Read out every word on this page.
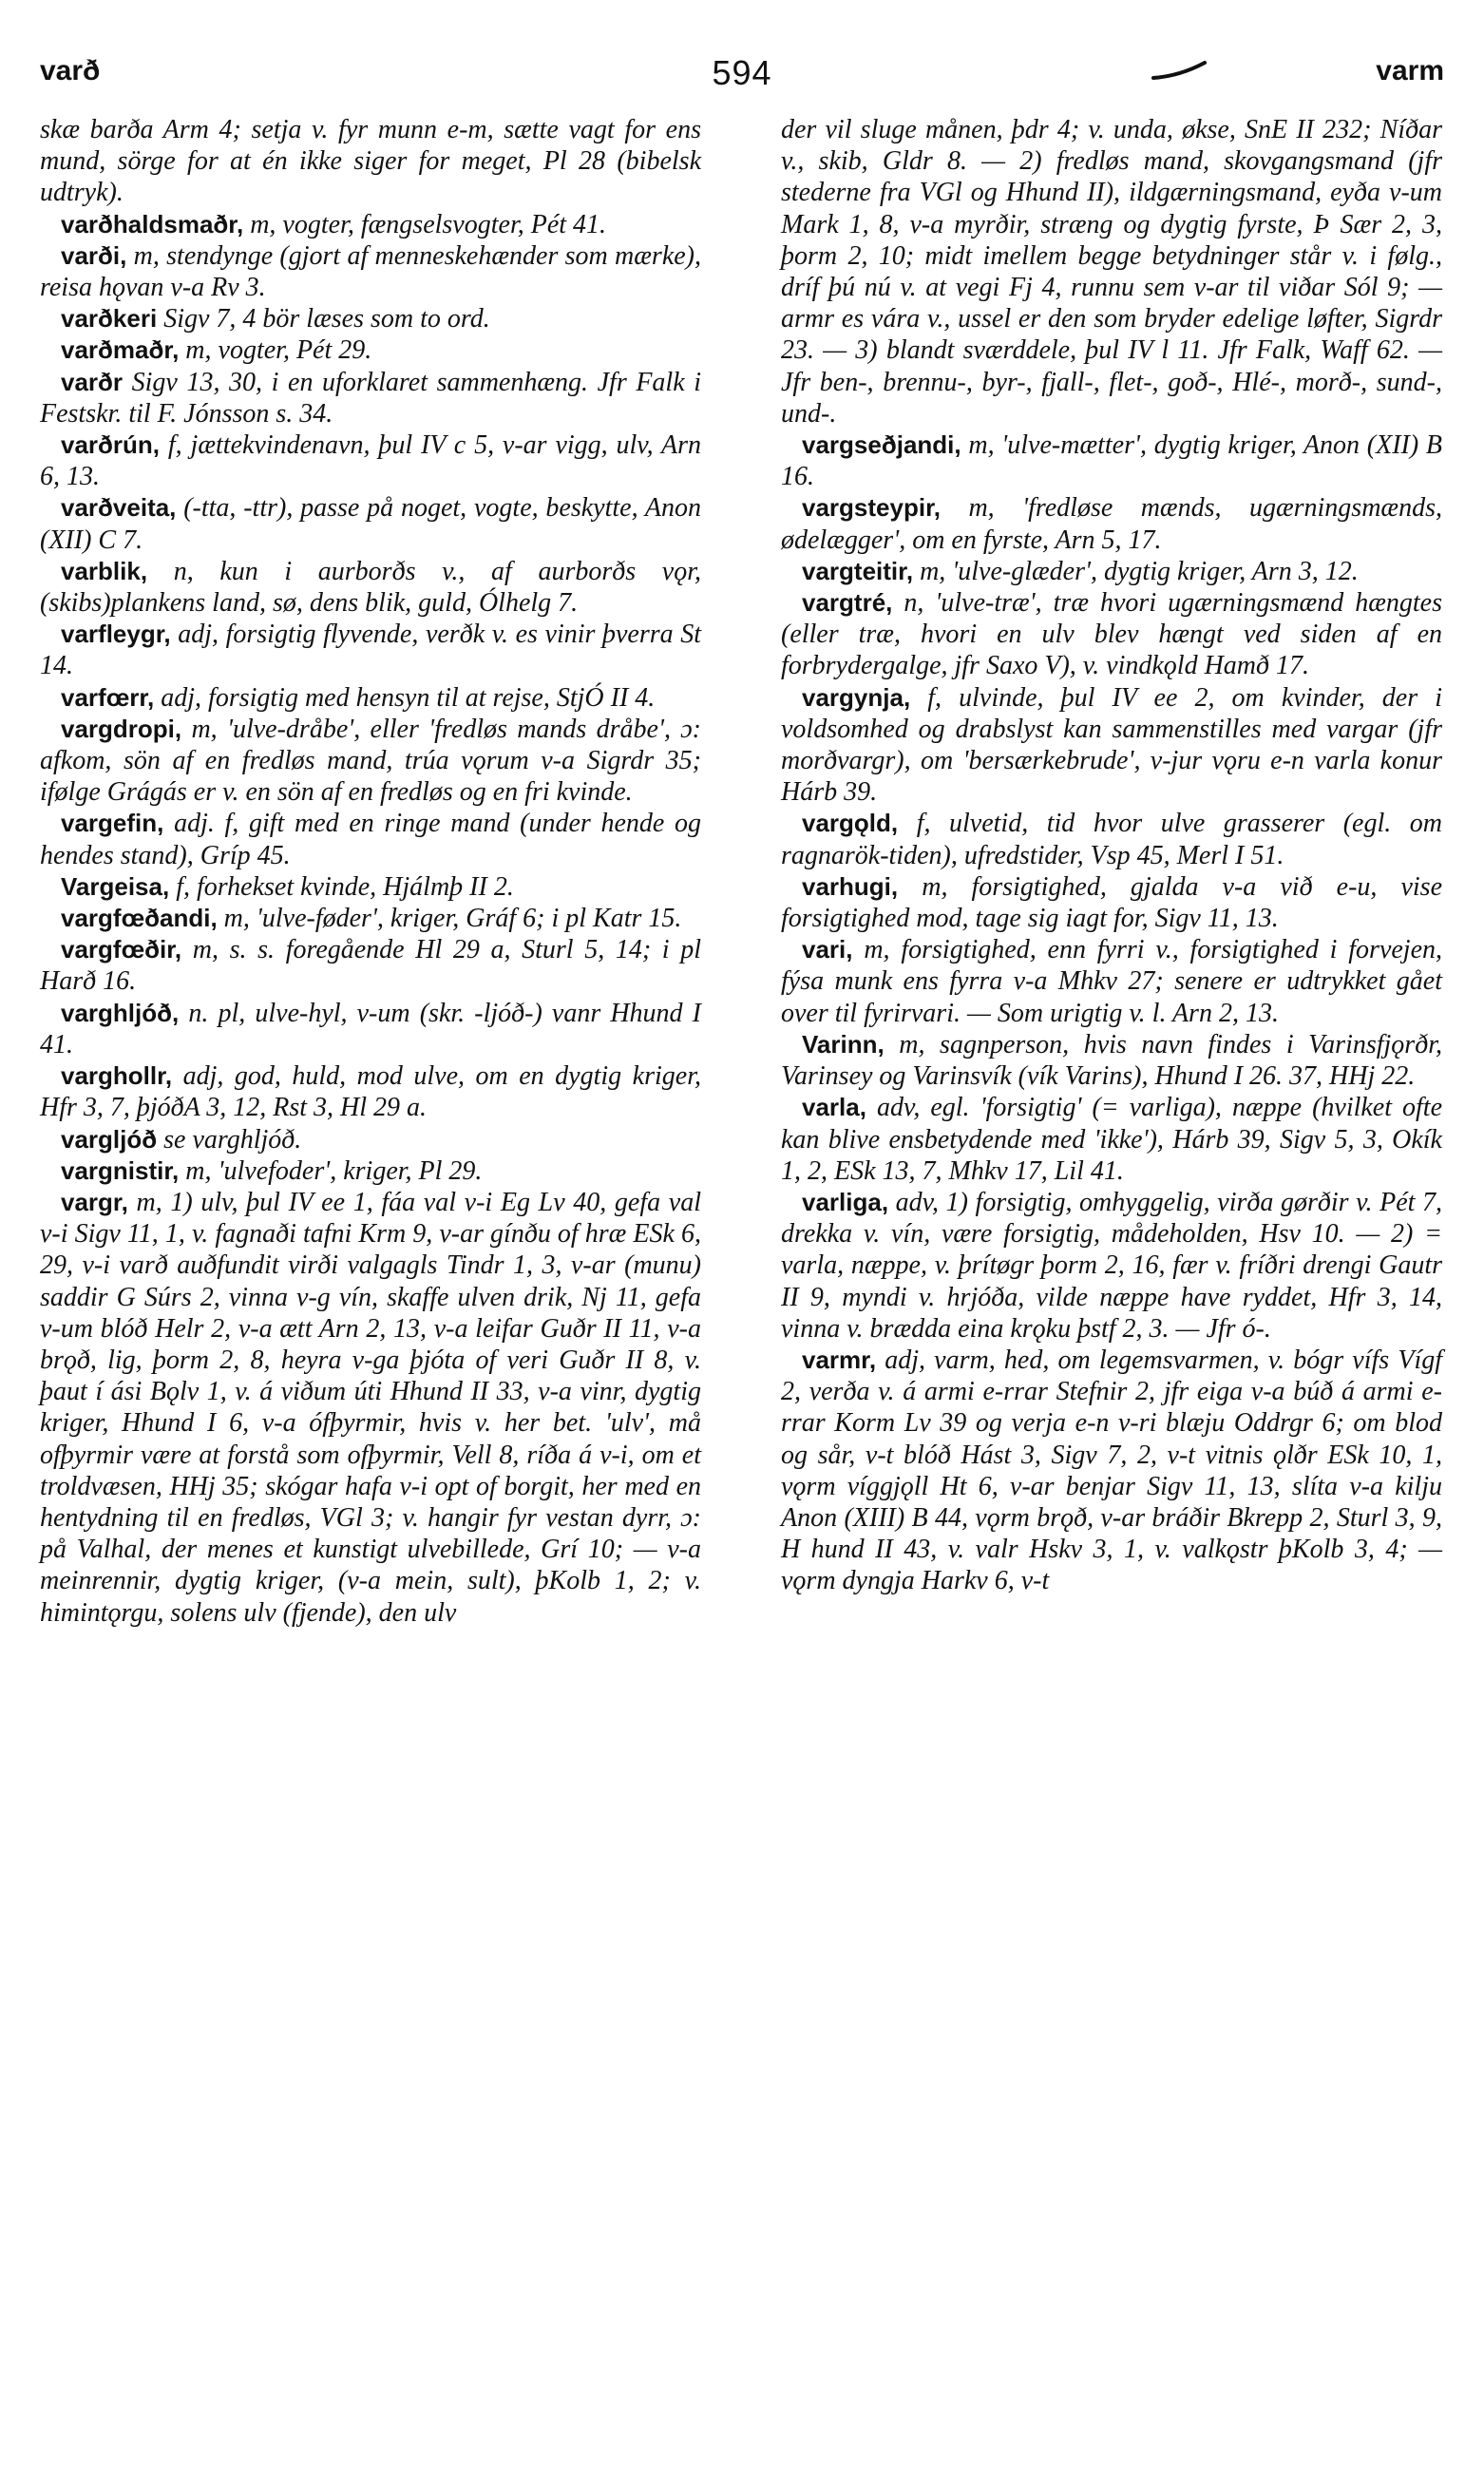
varð	594	varm

skæ barða Arm 4; setja v. fyr munn e-m, sætte vagt for ens mund, sörge for at én ikke siger for meget, Pl 28 (bibelsk udtryk).

varðhaldsmaðr, m, vogter, fængselsvogter, Pét 41.

varði, m, stendynge (gjort af menneskehænder som mærke), reisa hǫvan v-a Rv 3.

varðkeri Sigv 7, 4 bör læses som to ord.

varðmaðr, m, vogter, Pét 29.

varðr Sigv 13, 30, i en uforklaret sammenhæng. Jfr Falk i Festskr. til F. Jónsson s. 34.

varðrún, f, jættekvindenavn, þul IV c 5, v-ar vigg, ulv, Arn 6, 13.

varðveita, (-tta, -ttr), passe på noget, vogte, beskytte, Anon (XII) C 7.

varblik, n, kun i aurborðs v., af aurborðs vǫr, (skibs)plankens land, sø, dens blik, guld, Ólhelg 7.

varfleygr, adj, forsigtig flyvende, verðk v. es vinir þverra St 14.

varfœrr, adj, forsigtig med hensyn til at rejse, StjÓ II 4.

vargdropi, m, 'ulve-dråbe', eller 'fredløs mands dråbe', ɔ: afkom, sön af en fredløs mand, trúa vǫrum v-a Sigrdr 35; ifølge Grágás er v. en sön af en fredløs og en fri kvinde.

vargefin, adj. f, gift med en ringe mand (under hende og hendes stand), Gríp 45.

Vargeisa, f, forhekset kvinde, Hjálmþ II 2.

vargfœðandi, m, 'ulve-føder', kriger, Gráf 6; i pl Katr 15.

vargfœðir, m, s. s. foregående Hl 29 a, Sturl 5, 14; i pl Harð 16.

varghljóð, n. pl, ulve-hyl, v-um (skr. -ljóð-) vanr Hhund I 41.

varghollr, adj, god, huld, mod ulve, om en dygtig kriger, Hfr 3, 7, þjóðA 3, 12, Rst 3, Hl 29 a.

vargljóð se varghljóð.

vargnistir, m, 'ulvefoder', kriger, Pl 29.

vargr, m, 1) ulv, þul IV ee 1, fáa val v-i Eg Lv 40, gefa val v-i Sigv 11, 1, v. fagnaði tafni Krm 9, v-ar gínðu of hræ ESk 6, 29, v-i varð auðfundit virði valgagls Tindr 1, 3, v-ar (munu) saddir G Súrs 2, vinna v-g vín, skaffe ulven drik, Nj 11, gefa v-um blóð Helr 2, v-a ætt Arn 2, 13, v-a leifar Guðr II 11, v-a brǫð, lig, þorm 2, 8, heyra v-ga þjóta of veri Guðr II 8, v. þaut í ási Bǫlv 1, v. á viðum úti Hhund II 33, v-a vinr, dygtig kriger, Hhund I 6, v-a ófþyrmir, hvis v. her bet. 'ulv', må ofþyrmir være at forstå som ofþyrmir, Vell 8, ríða á v-i, om et troldvæsen, HHj 35; skógar hafa v-i opt of borgit, her med en hentydning til en fredløs, VGl 3; v. hangir fyr vestan dyrr, ɔ: på Valhal, der menes et kunstigt ulvebillede, Grí 10; — v-a meinrennir, dygtig kriger, (v-a mein, sult), þKolb 1, 2; v. himintǫrgu, solens ulv (fjende), den ulv

der vil sluge månen, þdr 4; v. unda, økse, SnE II 232; Níðar v., skib, Gldr 8. — 2) fredløs mand, skovgangsmand (jfr stederne fra VGl og Hhund II), ildgærningsmand, eyða v-um Mark 1, 8, v-a myrðir, stræng og dygtig fyrste, Þ Sær 2, 3, þorm 2, 10; midt imellem begge betydninger står v. i følg., dríf þú nú v. at vegi Fj 4, runnu sem v-ar til viðar Sól 9; — armr es vára v., ussel er den som bryder edelige løfter, Sigrdr 23. — 3) blandt sværddele, þul IV l 11. Jfr Falk, Waff 62. — Jfr ben-, brennu-, byr-, fjall-, flet-, goð-, Hlé-, morð-, sund-, und-.

vargseðjandi, m, 'ulve-mætter', dygtig kriger, Anon (XII) B 16.

vargsteypir, m, 'fredløse mænds, ugærningsmænds, ødelægger', om en fyrste, Arn 5, 17.

vargteitir, m, 'ulve-glæder', dygtig kriger, Arn 3, 12.

vargtré, n, 'ulve-træ', træ hvori ugærningsmænd hængtes (eller træ, hvori en ulv blev hængt ved siden af en forbrydergalge, jfr Saxo V), v. vindkǫld Hamð 17.

vargynja, f, ulvinde, þul IV ee 2, om kvinder, der i voldsomhed og drabslyst kan sammenstilles med vargar (jfr morðvargr), om 'bersærkebrude', v-jur vǫru e-n varla konur Hárb 39.

vargǫld, f, ulvetid, tid hvor ulve grasserer (egl. om ragnarök-tiden), ufredstider, Vsp 45, Merl I 51.

varhugi, m, forsigtighed, gjalda v-a við e-u, vise forsigtighed mod, tage sig iagt for, Sigv 11, 13.

vari, m, forsigtighed, enn fyrri v., forsigtighed i forvejen, fýsa munk ens fyrra v-a Mhkv 27; senere er udtrykket gået over til fyrirvari. — Som urigtig v. l. Arn 2, 13.

Varinn, m, sagnperson, hvis navn findes i Varinsfjǫrðr, Varinsey og Varinsvík (vík Varins), Hhund I 26. 37, HHj 22.

varla, adv, egl. 'forsigtig' (= varliga), næppe (hvilket ofte kan blive ensbetydende med 'ikke'), Hárb 39, Sigv 5, 3, Okík 1, 2, ESk 13, 7, Mhkv 17, Lil 41.

varliga, adv, 1) forsigtig, omhyggelig, virða gørðir v. Pét 7, drekka v. vín, være forsigtig, mådeholden, Hsv 10. — 2) = varla, næppe, v. þrítøgr þorm 2, 16, fær v. fríðri drengi Gautr II 9, myndi v. hrjóða, vilde næppe have ryddet, Hfr 3, 14, vinna v. brædda eina krǫku þstf 2, 3. — Jfr ó-.

varmr, adj, varm, hed, om legemsvarmen, v. bógr vífs Vígf 2, verða v. á armi e-rrar Stefnir 2, jfr eiga v-a búð á armi e-rrar Korm Lv 39 og verja e-n v-ri blæju Oddrgr 6; om blod og sår, v-t blóð Hást 3, Sigv 7, 2, v-t vitnis ǫlðr ESk 10, 1, vǫrm víggjǫll Ht 6, v-ar benjar Sigv 11, 13, slíta v-a kilju Anon (XIII) B 44, vǫrm brǫð, v-ar bráðir Bkrepp 2, Sturl 3, 9, H hund II 43, v. valr Hskv 3, 1, v. valkǫstr þKolb 3, 4; — vǫrm dyngja Harkv 6, v-t
